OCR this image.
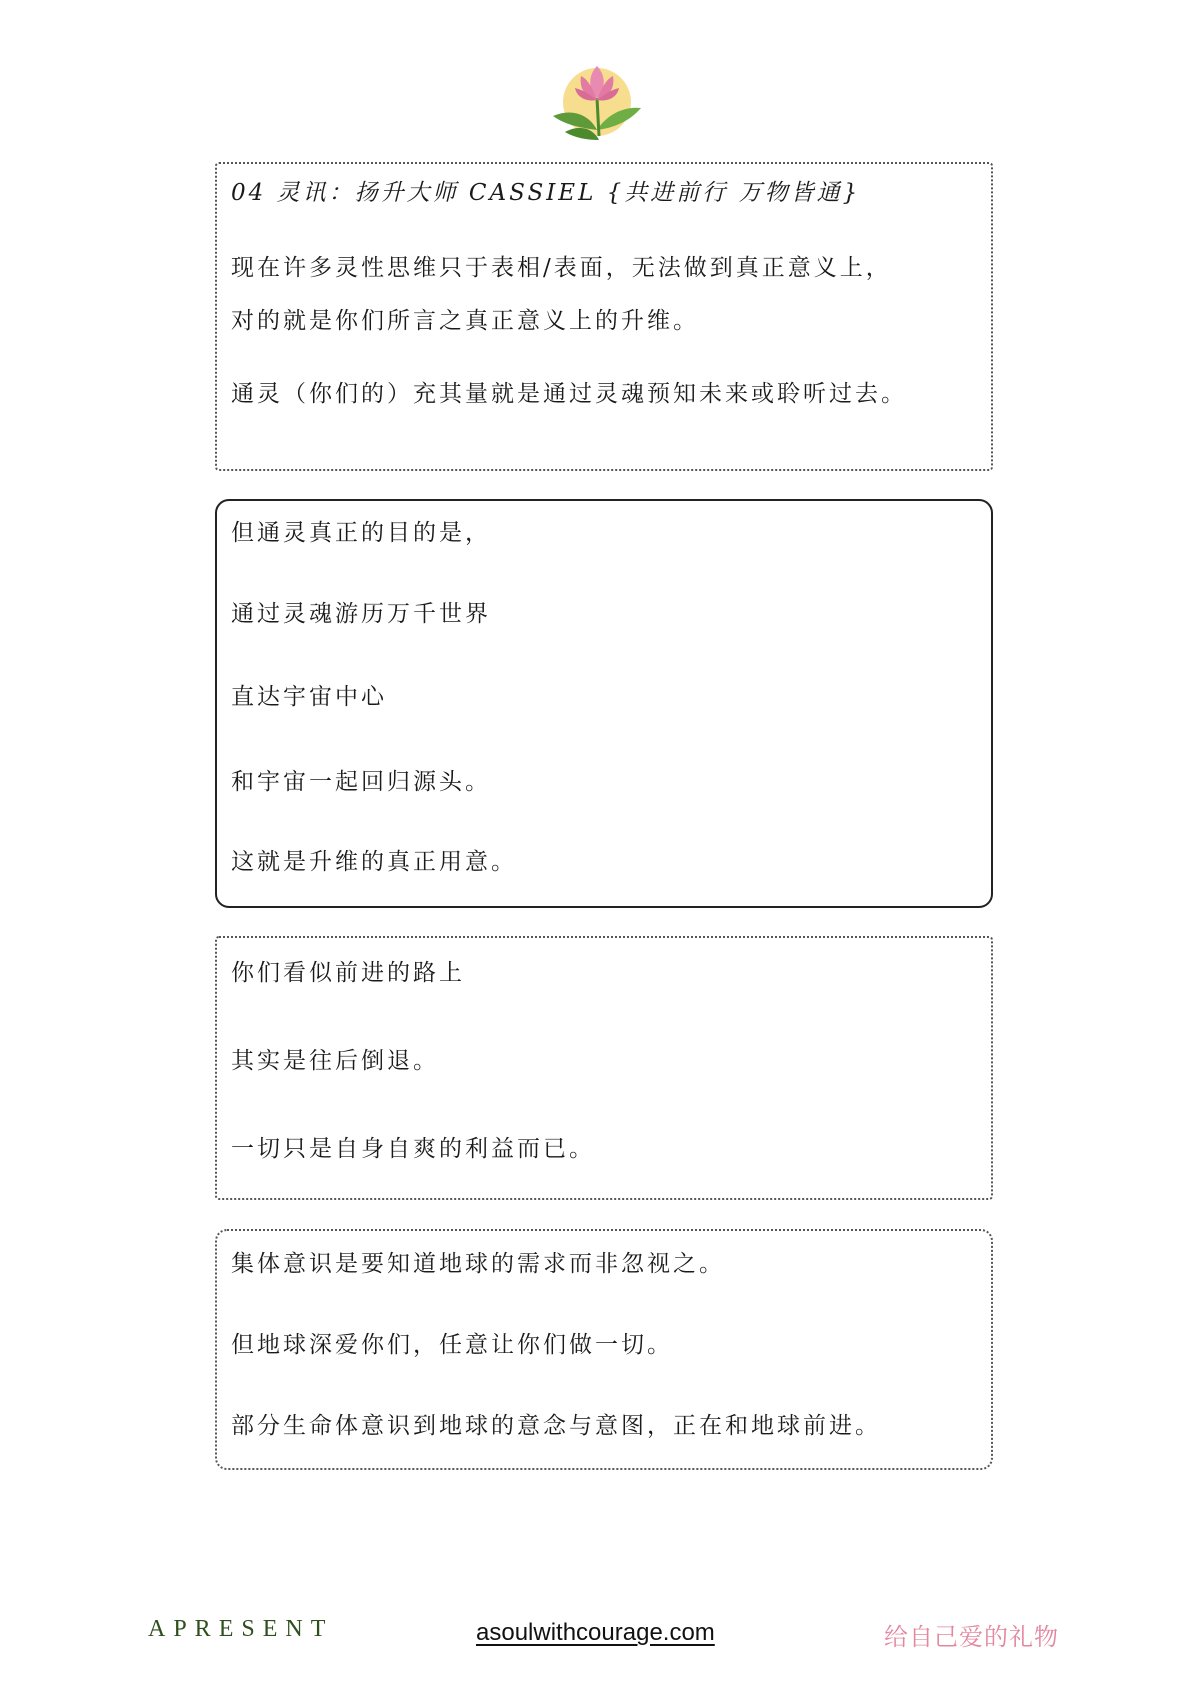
04 灵讯：扬升大师 CASSIEL {共进前行 万物皆通}
现在许多灵性思维只于表相/表面，无法做到真正意义上，
对的就是你们所言之真正意义上的升维。
通灵（你们的）充其量就是通过灵魂预知未来或聆听过去。
但通灵真正的目的是，
通过灵魂游历万千世界
直达宇宙中心
和宇宙一起回归源头。
这就是升维的真正用意。
你们看似前进的路上
其实是往后倒退。
一切只是自身自爽的利益而已。
集体意识是要知道地球的需求而非忽视之。
但地球深爱你们，任意让你们做一切。
部分生命体意识到地球的意念与意图，正在和地球前进。
APRESENT	asoulwithcourage.com	给自己爱的礼物
